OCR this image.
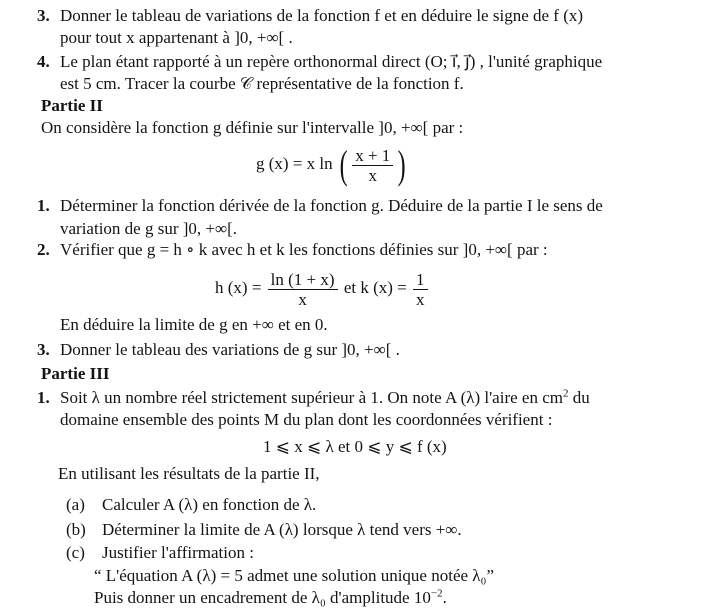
3. Donner le tableau de variations de la fonction f et en déduire le signe de f (x)
pour tout x appartenant à ]0, +∞[ .
4. Le plan étant rapporté à un repère orthonormal direct (O; i⃗, j⃗) , l'unité graphique
est 5 cm. Tracer la courbe 𝒞 représentative de la fonction f.
Partie II
On considère la fonction g définie sur l'intervalle ]0, +∞[ par :
g (x) = x ln ( $\frac{x + 1}{x}$ )
1. Déterminer la fonction dérivée de la fonction g. Déduire de la partie I le sens de
variation de g sur ]0, +∞[.
2. Vérifier que g = h ∘ k avec h et k les fonctions définies sur ]0, +∞[ par :
h $(x) = \frac{\ln (1 + x)}{x}$ et k $(x) = \frac{1}{x}$
En déduire la limite de g en +∞ et en 0.
3. Donner le tableau des variations de g sur ]0, +∞[ .
Partie III
1. Soit λ un nombre réel strictement supérieur à 1. On note A (λ) l'aire en $cm^2$ du
domaine ensemble des points M du plan dont les coordonnées vérifient :
1 ⩽ x ⩽ λ et 0 ⩽ y ⩽ f (x)
En utilisant les résultats de la partie II,
(a) Calculer A (λ) en fonction de λ.
(b) Déterminer la limite de A (λ) lorsque λ tend vers +∞.
(c) Justifier l'affirmation :
“ L'équation A (λ) = 5 admet une solution unique notée λ₀”
Puis donner un encadrement de λ₀ d'amplitude $10^{-2}$.
